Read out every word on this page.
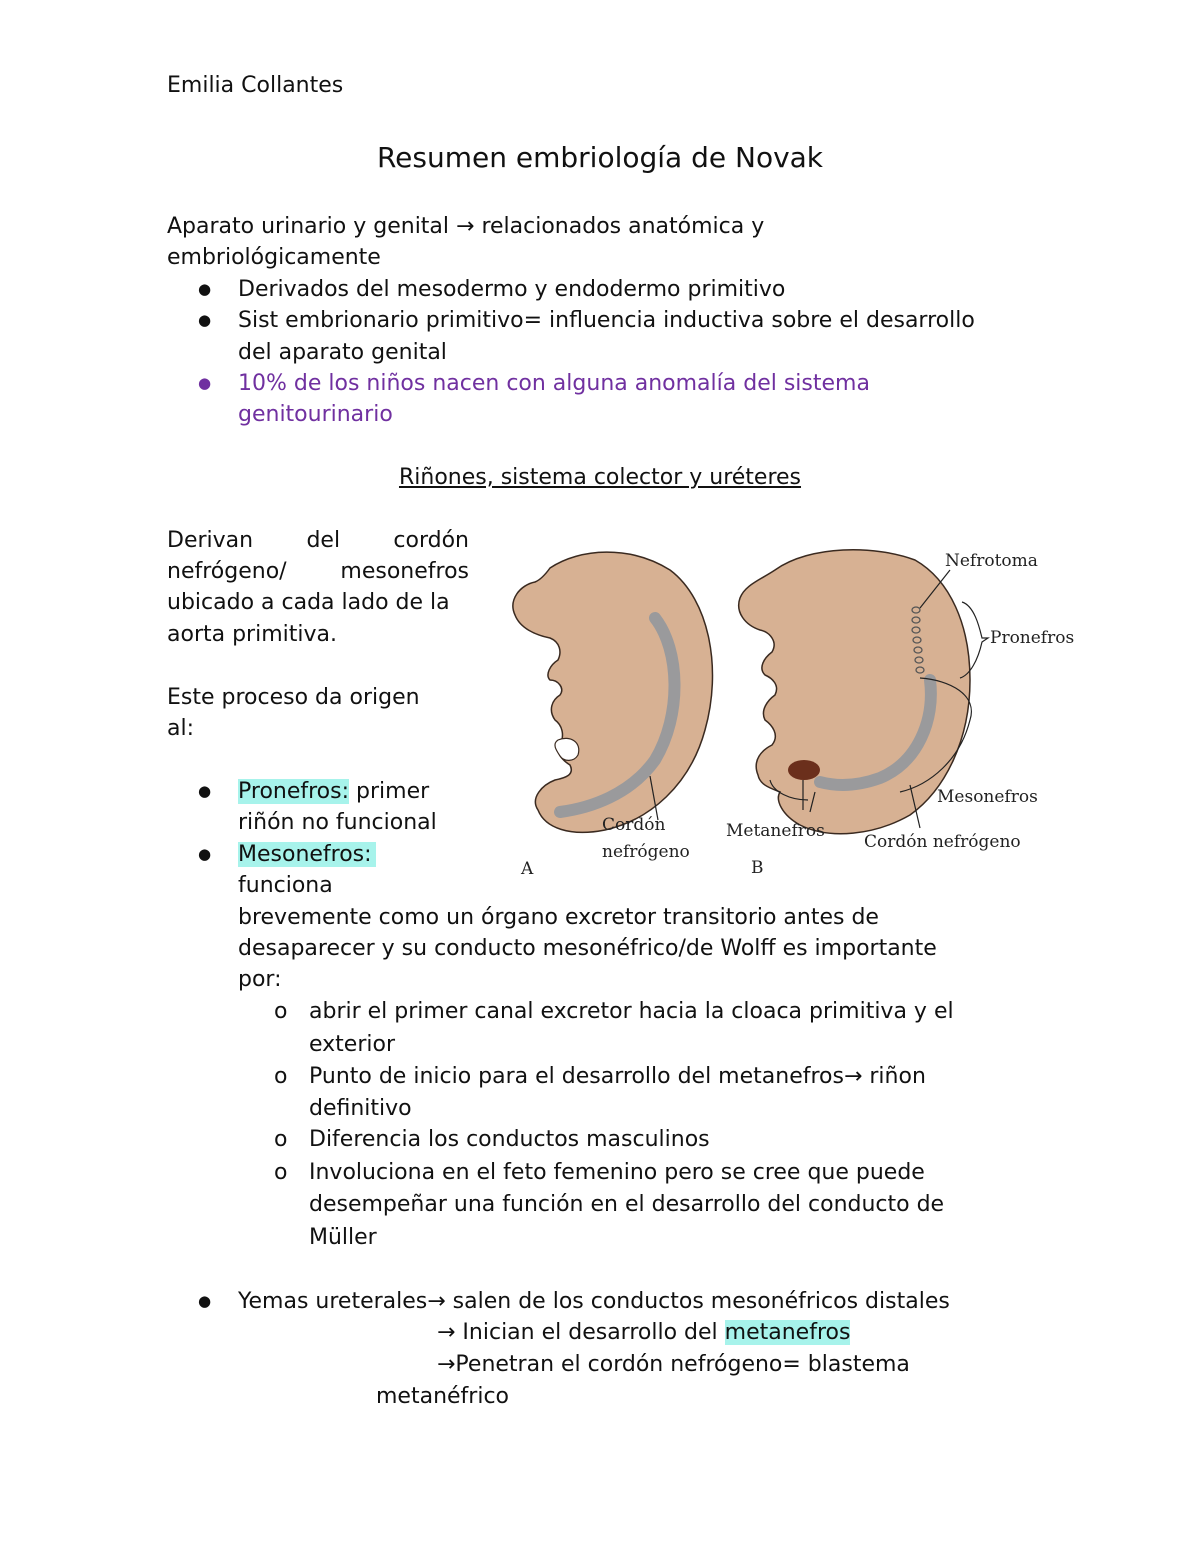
Emilia Collantes
Resumen embriología de Novak
Aparato urinario y genital → relacionados anatómica y
embriológicamente
● Derivados del mesodermo y endodermo primitivo
● Sist embrionario primitivo= influencia inductiva sobre el desarrollo
del aparato genital
● 10% de los niños nacen con alguna anomalía del sistema
genitourinario
Riñones, sistema colector y uréteres
Derivan del cordón
nefrógeno/ mesonefros
ubicado a cada lado de la
aorta primitiva.
Este proceso da origen
al:
● Pronefros: primer
riñón no funcional
● Mesonefros:
funciona
brevemente como un órgano excretor transitorio antes de
desaparecer y su conducto mesonéfrico/de Wolff es importante
por:
o abrir el primer canal excretor hacia la cloaca primitiva y el
exterior
o Punto de inicio para el desarrollo del metanefros→ riñon
definitivo
o Diferencia los conductos masculinos
o Involuciona en el feto femenino pero se cree que puede
desempeñar una función en el desarrollo del conducto de
Müller
● Yemas ureterales→ salen de los conductos mesonéfricos distales
→ Inician el desarrollo del metanefros
→Penetran el cordón nefrógeno= blastema
metanéfrico
Nefrotoma
Pronefros
Mesonefros
Metanefros
Cordón nefrógeno
Cordón
nefrógeno
A	B
